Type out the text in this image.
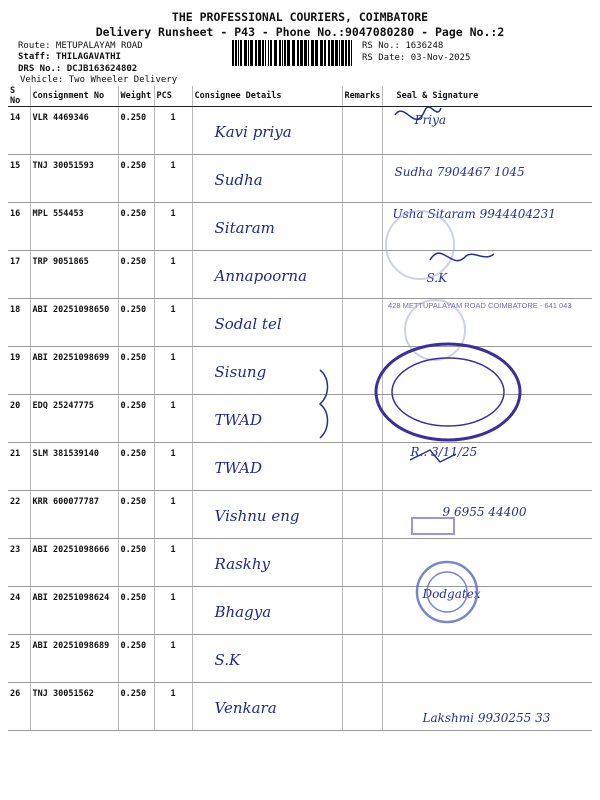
THE PROFESSIONAL COURIERS, COIMBATORE
Delivery Runsheet - P43 - Phone No.:9047080280 - Page No.:2
Route: METUPALAYAM ROAD
Staff: THILAGAVATHI
DRS No.: DCJB163624802
Vehicle: Two Wheeler Delivery
RS No.: 1636248
RS Date: 03-Nov-2025
S No	Consignment No	Weight	PCS	Consignee Details	Remarks	Seal & Signature
14	VLR 4469346	0.250	1	Kavi priya		Priya

15	TNJ 30051593	0.250	1	Sudha		Sudha 7904467 1045

16	MPL 554453	0.250	1	Sitaram		Usha Sitaram 9944404231

17	TRP 9051865	0.250	1	Annapoorna		S.K

18	ABI 20251098650	0.250	1	Sodal tel		

19	ABI 20251098699	0.250	1	Sisung		

20	EDQ 25247775	0.250	1	TWAD		

21	SLM 381539140	0.250	1	TWAD		R.. 3/11/25

22	KRR 600077787	0.250	1	Vishnu eng		9 6955 44400

23	ABI 20251098666	0.250	1	Raskhy		

24	ABI 20251098624	0.250	1	Bhagya		Dodgatex

25	ABI 20251098689	0.250	1	S.K		

26	TNJ 30051562	0.250	1	Venkara		Lakshmi 9930255 33
428 METTUPALAYAM ROAD COIMBATORE - 641 043
